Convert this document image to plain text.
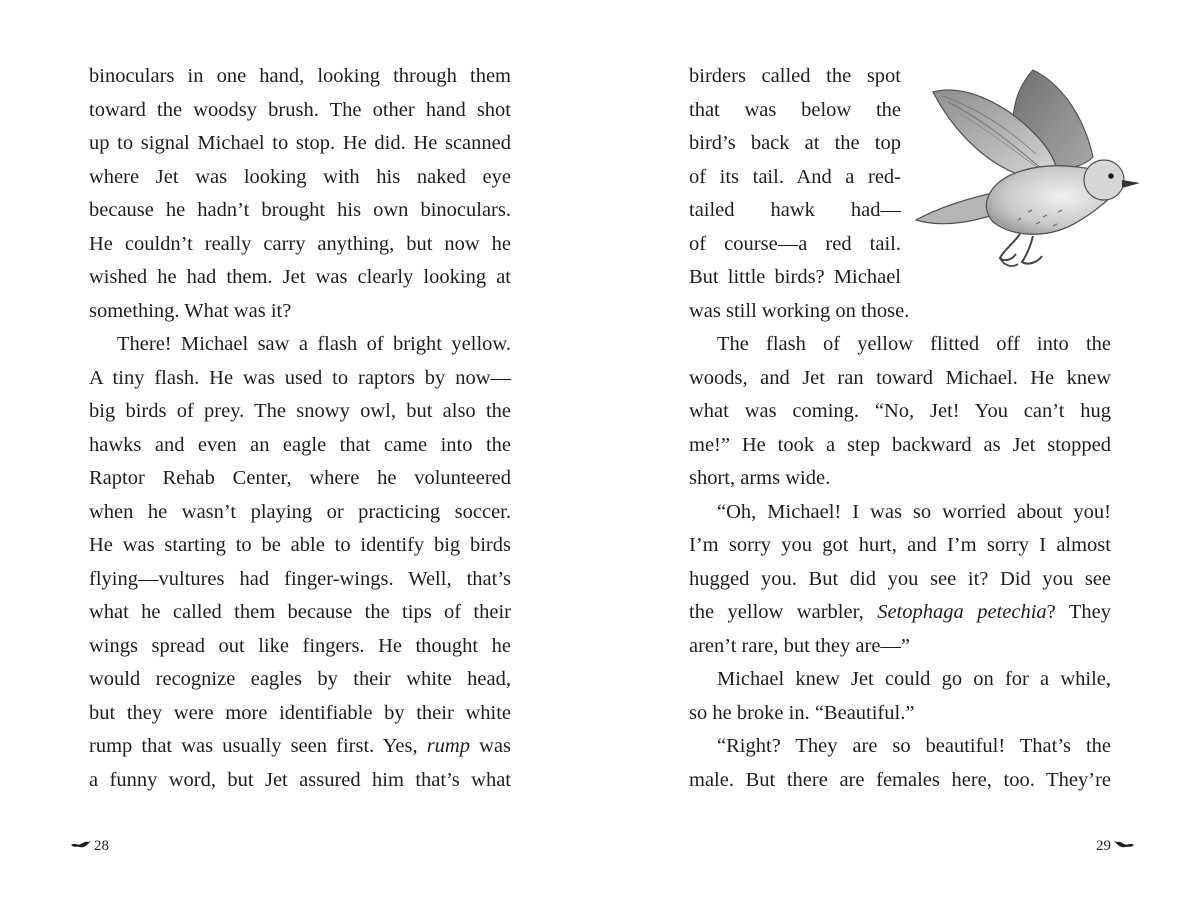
binoculars in one hand, looking through them
toward the woodsy brush. The other hand shot
up to signal Michael to stop. He did. He scanned
where Jet was looking with his naked eye
because he hadn’t brought his own binoculars.
He couldn’t really carry anything, but now he
wished he had them. Jet was clearly looking at
something. What was it?
There! Michael saw a flash of bright yellow.
A tiny flash. He was used to raptors by now—
big birds of prey. The snowy owl, but also the
hawks and even an eagle that came into the
Raptor Rehab Center, where he volunteered
when he wasn’t playing or practicing soccer.
He was starting to be able to identify big birds
flying—vultures had finger-wings. Well, that’s
what he called them because the tips of their
wings spread out like fingers. He thought he
would recognize eagles by their white head,
but they were more identifiable by their white
rump that was usually seen first. Yes, rump was
a funny word, but Jet assured him that’s what
28
birders called the spot
that was below the
bird’s back at the top
of its tail. And a red-
tailed hawk had—
of course—a red tail.
But little birds? Michael
was still working on those.
The flash of yellow flitted off into the
woods, and Jet ran toward Michael. He knew
what was coming. “No, Jet! You can’t hug
me!” He took a step backward as Jet stopped
short, arms wide.
“Oh, Michael! I was so worried about you!
I’m sorry you got hurt, and I’m sorry I almost
hugged you. But did you see it? Did you see
the yellow warbler, Setophaga petechia? They
aren’t rare, but they are—”
Michael knew Jet could go on for a while,
so he broke in. “Beautiful.”
“Right? They are so beautiful! That’s the
male. But there are females here, too. They’re
29
